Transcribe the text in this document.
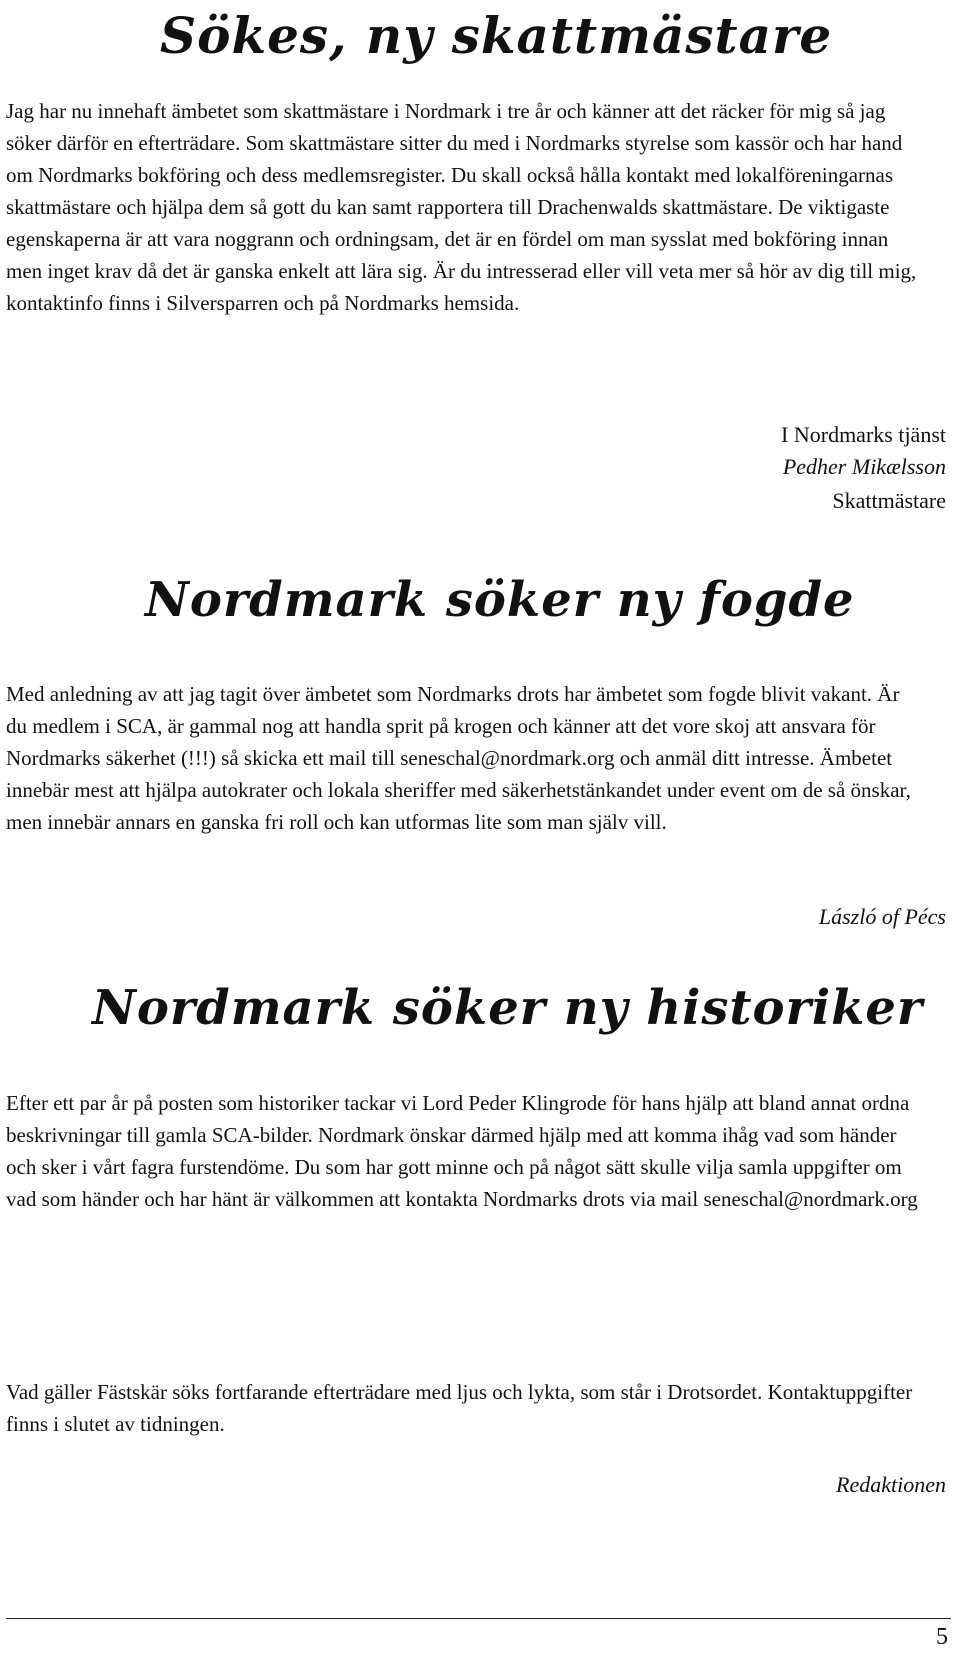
Sökes, ny skattmästare

Jag har nu innehaft ämbetet som skattmästare i Nordmark i tre år och känner att det räcker för mig så jag söker därför en efterträdare. Som skattmästare sitter du med i Nordmarks styrelse som kassör och har hand om Nordmarks bokföring och dess medlemsregister. Du skall också hålla kontakt med lokalföreningarnas skattmästare och hjälpa dem så gott du kan samt rapportera till Drachenwalds skattmästare. De viktigaste egenskaperna är att vara noggrann och ordningsam, det är en fördel om man sysslat med bokföring innan men inget krav då det är ganska enkelt att lära sig. Är du intresserad eller vill veta mer så hör av dig till mig, kontaktinfo finns i Silversparren och på Nordmarks hemsida.

I Nordmarks tjänst

Pedher Mikælsson

Skattmästare

Nordmark söker ny fogde

Med anledning av att jag tagit över ämbetet som Nordmarks drots har ämbetet som fogde blivit vakant. Är du medlem i SCA, är gammal nog att handla sprit på krogen och känner att det vore skoj att ansvara för Nordmarks säkerhet (!!!) så skicka ett mail till seneschal@nordmark.org och anmäl ditt intresse. Ämbetet innebär mest att hjälpa autokrater och lokala sheriffer med säkerhetstänkandet under event om de så önskar, men innebär annars en ganska fri roll och kan utformas lite som man själv vill.

László of Pécs

Nordmark söker ny historiker

Efter ett par år på posten som historiker tackar vi Lord Peder Klingrode för hans hjälp att bland annat ordna beskrivningar till gamla SCA-bilder. Nordmark önskar därmed hjälp med att komma ihåg vad som händer och sker i vårt fagra furstendöme. Du som har gott minne och på något sätt skulle vilja samla uppgifter om vad som händer och har hänt är välkommen att kontakta Nordmarks drots via mail seneschal@nordmark.org

Vad gäller Fästskär söks fortfarande efterträdare med ljus och lykta, som står i Drotsordet. Kontaktuppgifter finns i slutet av tidningen.

Redaktionen

5
